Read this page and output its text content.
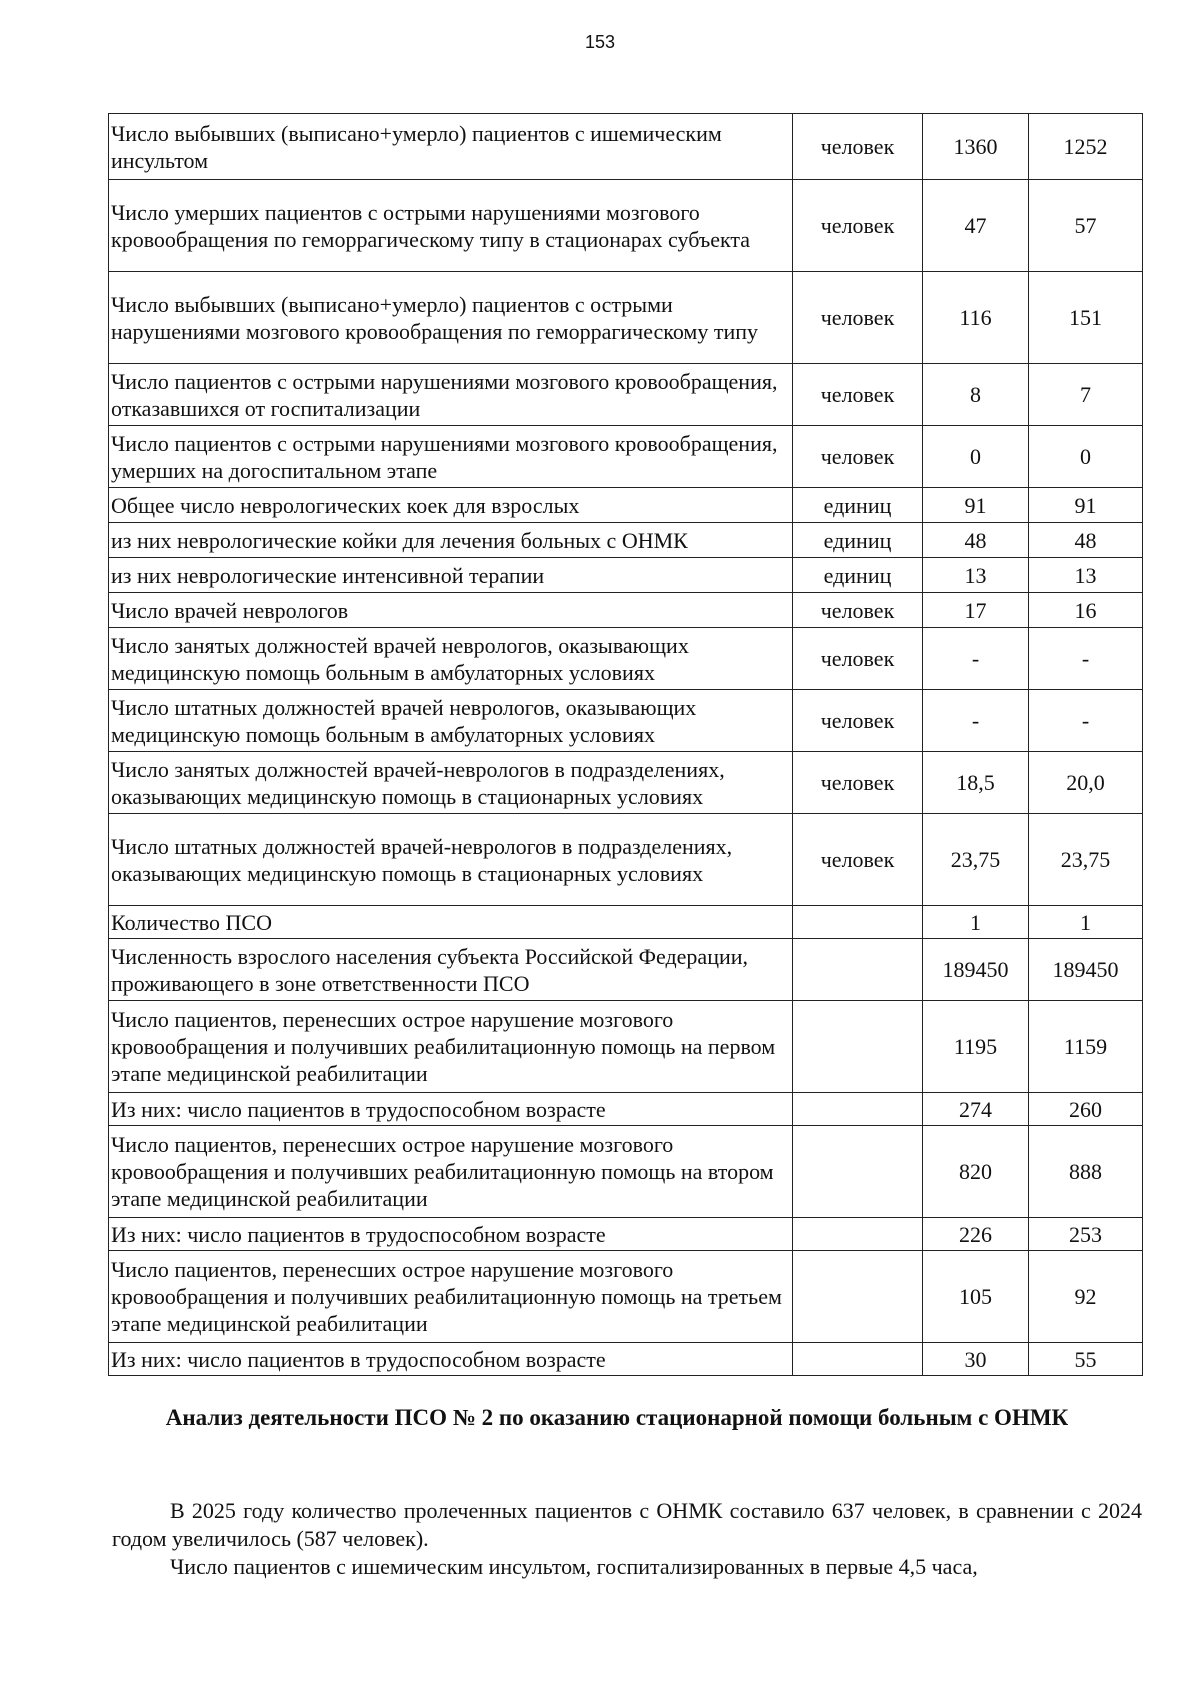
153
Число выбывших (выписано+умерло) пациентов с ишемическим инсультом	человек	1360	1252
Число умерших пациентов с острыми нарушениями мозгового кровообращения по геморрагическому типу в стационарах субъекта	человек	47	57
Число выбывших (выписано+умерло) пациентов с острыми нарушениями мозгового кровообращения по геморрагическому типу	человек	116	151
Число пациентов с острыми нарушениями мозгового кровообращения, отказавшихся от госпитализации	человек	8	7
Число пациентов с острыми нарушениями мозгового кровообращения, умерших на догоспитальном этапе	человек	0	0
Общее число неврологических коек для взрослых	единиц	91	91
из них неврологические койки для лечения больных с ОНМК	единиц	48	48
из них неврологические интенсивной терапии	единиц	13	13
Число врачей неврологов	человек	17	16
Число занятых должностей врачей неврологов, оказывающих медицинскую помощь больным в амбулаторных условиях	человек	-	-
Число штатных должностей врачей неврологов, оказывающих медицинскую помощь больным в амбулаторных условиях	человек	-	-
Число занятых должностей врачей-неврологов в подразделениях, оказывающих медицинскую помощь в стационарных условиях	человек	18,5	20,0
Число штатных должностей врачей-неврологов в подразделениях, оказывающих медицинскую помощь в стационарных условиях	человек	23,75	23,75
Количество ПСО		1	1
Численность взрослого населения субъекта Российской Федерации, проживающего в зоне ответственности ПСО		189450	189450
Число пациентов, перенесших острое нарушение мозгового кровообращения и получивших реабилитационную помощь на первом этапе медицинской реабилитации		1195	1159
Из них: число пациентов в трудоспособном возрасте		274	260
Число пациентов, перенесших острое нарушение мозгового кровообращения и получивших реабилитационную помощь на втором этапе медицинской реабилитации		820	888
Из них: число пациентов в трудоспособном возрасте		226	253
Число пациентов, перенесших острое нарушение мозгового кровообращения и получивших реабилитационную помощь на третьем этапе медицинской реабилитации		105	92
Из них: число пациентов в трудоспособном возрасте		30	55
Анализ деятельности ПСО № 2 по оказанию стационарной помощи больным с ОНМК

В 2025 году количество пролеченных пациентов с ОНМК составило 637 человек, в сравнении с 2024 годом увеличилось (587 человек).

Число пациентов с ишемическим инсультом, госпитализированных в первые 4,5 часа,
